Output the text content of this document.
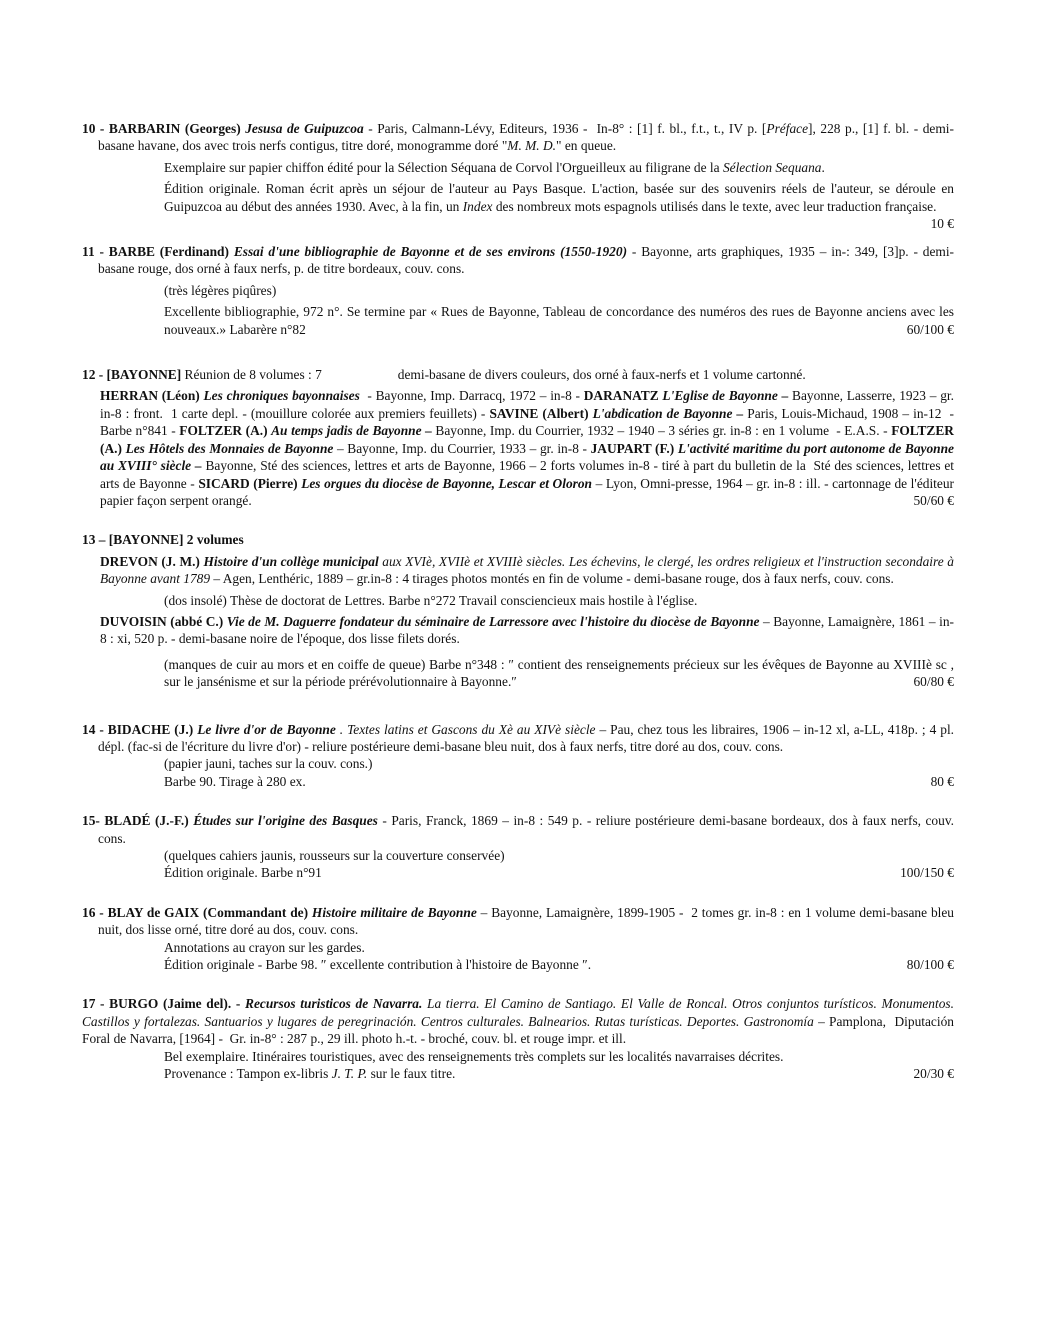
10 - BARBARIN (Georges) Jesusa de Guipuzcoa - Paris, Calmann-Lévy, Editeurs, 1936 -  In-8° : [1] f. bl., f.t., t., IV p. [Préface], 228 p., [1] f. bl. - demi-basane havane, dos avec trois nerfs contigus, titre doré, monogramme doré "M. M. D." en queue.
Exemplaire sur papier chiffon édité pour la Sélection Séquana de Corvol l'Orgueilleux au filigrane de la Sélection Sequana.
Édition originale. Roman écrit après un séjour de l'auteur au Pays Basque. L'action, basée sur des souvenirs réels de l'auteur, se déroule en Guipuzcoa au début des années 1930. Avec, à la fin, un Index des nombreux mots espagnols utilisés dans le texte, avec leur traduction française.
10 €
11 - BARBE (Ferdinand) Essai d'une bibliographie de Bayonne et de ses environs (1550-1920) - Bayonne, arts graphiques, 1935 – in-: 349, [3]p. - demi-basane rouge, dos orné à faux nerfs, p. de titre bordeaux, couv. cons.
(très légères piqûres)
Excellente bibliographie, 972 n°. Se termine par « Rues de Bayonne, Tableau de concordance des numéros des rues de Bayonne anciens avec les nouveaux.» Labarère n°82	60/100 €
12 - [BAYONNE] Réunion de 8 volumes : 7	demi-basane de divers couleurs, dos orné à faux-nerfs et 1 volume cartonné.
HERRAN (Léon) Les chroniques bayonnaises  - Bayonne, Imp. Darracq, 1972 – in-8 - DARANATZ L'Eglise de Bayonne – Bayonne, Lasserre, 1923 – gr. in-8 : front.  1 carte depl. - (mouillure colorée aux premiers feuillets) - SAVINE (Albert) L'abdication de Bayonne – Paris, Louis-Michaud, 1908 – in-12  - Barbe n°841 - FOLTZER (A.) Au temps jadis de Bayonne – Bayonne, Imp. du Courrier, 1932 – 1940 – 3 séries gr. in-8 : en 1 volume  - E.A.S. - FOLTZER (A.) Les Hôtels des Monnaies de Bayonne – Bayonne, Imp. du Courrier, 1933 – gr. in-8 - JAUPART (F.) L'activité maritime du port autonome de Bayonne au XVIII° siècle – Bayonne, Sté des sciences, lettres et arts de Bayonne, 1966 – 2 forts volumes in-8 - tiré à part du bulletin de la  Sté des sciences, lettres et arts de Bayonne - SICARD (Pierre) Les orgues du diocèse de Bayonne, Lescar et Oloron – Lyon, Omni-presse, 1964 – gr. in-8 : ill. - cartonnage de l'éditeur papier façon serpent orangé.	50/60 €
13 – [BAYONNE] 2 volumes
DREVON (J. M.) Histoire d'un collège municipal aux XVIè, XVIIè et XVIIIè siècles. Les échevins, le clergé, les ordres religieux et l'instruction secondaire à Bayonne avant 1789 – Agen, Lenthéric, 1889 – gr.in-8 : 4 tirages photos montés en fin de volume - demi-basane rouge, dos à faux nerfs, couv. cons.
(dos insolé) Thèse de doctorat de Lettres. Barbe n°272 Travail consciencieux mais hostile à l'église.
DUVOISIN (abbé C.) Vie de M. Daguerre fondateur du séminaire de Larressore avec l'histoire du diocèse de Bayonne – Bayonne, Lamaignère, 1861 – in-8 : xi, 520 p. - demi-basane noire de l'époque, dos lisse filets dorés.
(manques de cuir au mors et en coiffe de queue) Barbe n°348 : ″ contient des renseignements précieux sur les évêques de Bayonne au XVIIIè sc , sur le jansénisme et sur la période prérévolutionnaire à Bayonne.″	60/80 €
14 - BIDACHE (J.) Le livre d'or de Bayonne . Textes latins et Gascons du Xè au XIVè siècle – Pau, chez tous les libraires, 1906 – in-12 xl, a-LL, 418p. ; 4 pl. dépl. (fac-si de l'écriture du livre d'or) - reliure postérieure demi-basane bleu nuit, dos à faux nerfs, titre doré au dos, couv. cons.
(papier jauni, taches sur la couv. cons.)
Barbe 90. Tirage à 280 ex.	80 €
15- BLADÉ (J.-F.) Études sur l'origine des Basques - Paris, Franck, 1869 – in-8 : 549 p. - reliure postérieure demi-basane bordeaux, dos à faux nerfs, couv. cons.
(quelques cahiers jaunis, rousseurs sur la couverture conservée)
Édition originale. Barbe n°91	100/150 €
16 - BLAY de GAIX (Commandant de) Histoire militaire de Bayonne – Bayonne, Lamaignère, 1899-1905 -  2 tomes gr. in-8 : en 1 volume demi-basane bleu nuit, dos lisse orné, titre doré au dos, couv. cons.
Annotations au crayon sur les gardes.
Édition originale - Barbe 98. ″ excellente contribution à l'histoire de Bayonne ″.	80/100 €
17 - BURGO (Jaime del). - Recursos turisticos de Navarra. La tierra. El Camino de Santiago. El Valle de Roncal. Otros conjuntos turísticos. Monumentos. Castillos y fortalezas. Santuarios y lugares de peregrinación. Centros culturales. Balnearios. Rutas turísticas. Deportes. Gastronomía – Pamplona,  Diputación Foral de Navarra, [1964] -  Gr. in-8° : 287 p., 29 ill. photo h.-t. - broché, couv. bl. et rouge impr. et ill.
Bel exemplaire. Itinéraires touristiques, avec des renseignements très complets sur les localités navarraises décrites.
Provenance : Tampon ex-libris J. T. P. sur le faux titre.	20/30 €
